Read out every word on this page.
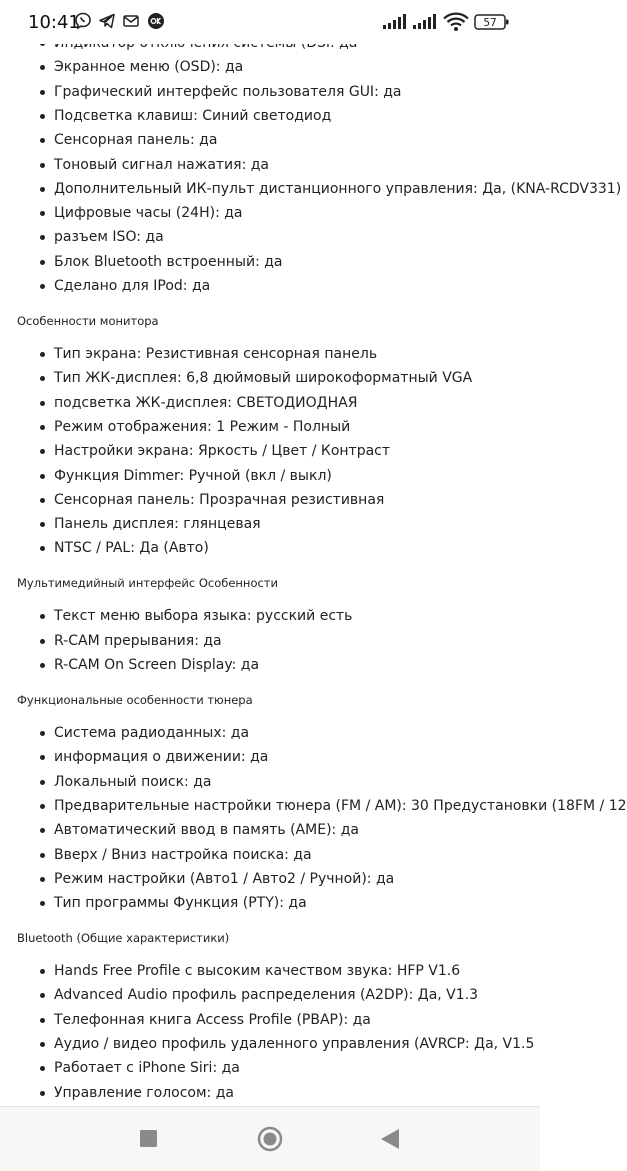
10:41	57
Экранное меню (OSD): да
Графический интерфейс пользователя GUI: да
Подсветка клавиш: Синий светодиод
Сенсорная панель: да
Тоновый сигнал нажатия: да
Дополнительный ИК-пульт дистанционного управления: Да, (KNA-RCDV331)
Цифровые часы (24H): да
разъем ISO: да
Блок Bluetooth встроенный: да
Сделано для IPod: да
Особенности монитора
Тип экрана: Резистивная сенсорная панель
Тип ЖК-дисплея: 6,8 дюймовый широкоформатный VGA
подсветка ЖК-дисплея: СВЕТОДИОДНАЯ
Режим отображения: 1 Режим - Полный
Настройки экрана: Яркость / Цвет / Контраст
Функция Dimmer: Ручной (вкл / выкл)
Сенсорная панель: Прозрачная резистивная
Панель дисплея: глянцевая
NTSC / PAL: Да (Авто)
Мультимедийный интерфейс Особенности
Текст меню выбора языка: русский есть
R-CAM прерывания: да
R-CAM On Screen Display: да
Функциональные особенности тюнера
Система радиоданных: да
информация о движении: да
Локальный поиск: да
Предварительные настройки тюнера (FM / AM): 30 Предустановки (18FM / 12
Автоматический ввод в память (AME): да
Вверх / Вниз настройка поиска: да
Режим настройки (Авто1 / Авто2 / Ручной): да
Тип программы Функция (PTY): да
Bluetooth (Общие характеристики)
Hands Free Profile с высоким качеством звука: HFP V1.6
Advanced Audio профиль распределения (A2DP): Да, V1.3
Телефонная книга Access Profile (PBAP): да
Аудио / видео профиль удаленного управления (AVRCP: Да, V1.5
Работает с iPhone Siri: да
Управление голосом: да
